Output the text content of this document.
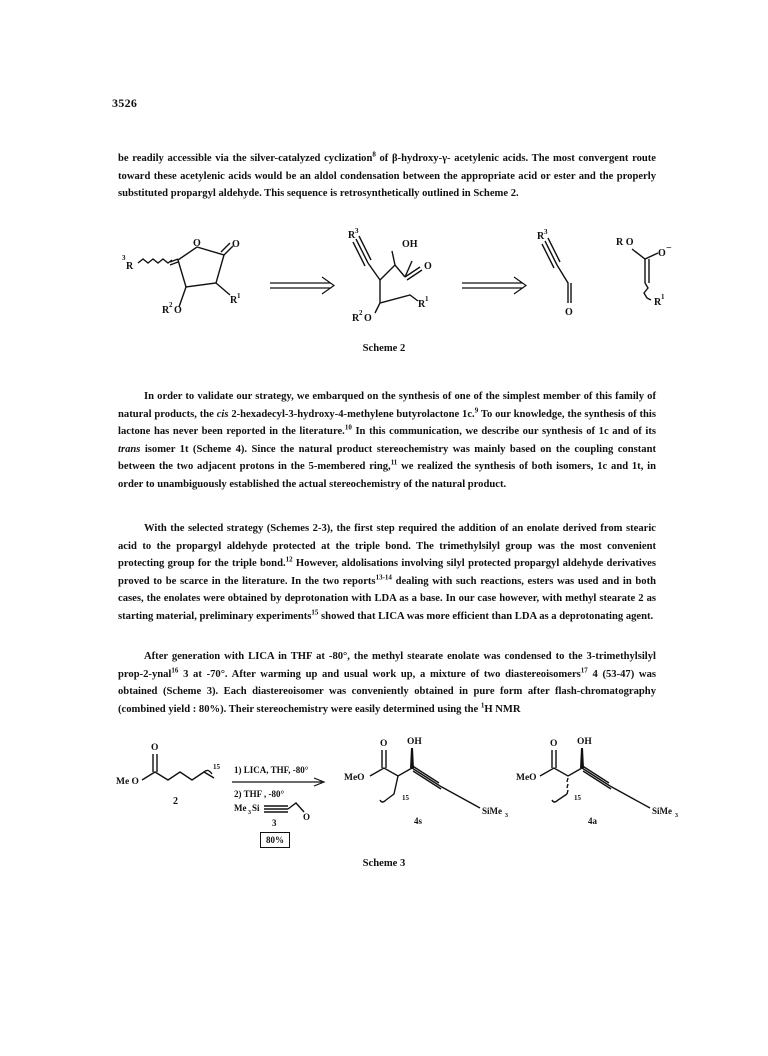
3526

be readily accessible via the silver-catalyzed cyclization$^8$ of β-hydroxy-γ- acetylenic acids. The most convergent route toward these acetylenic acids would be an aldol condensation between the appropriate acid or ester and the properly substituted propargyl aldehyde. This sequence is retrosynthetically outlined in Scheme 2.

R
3
O	O
R 1
R 2 O
R 3
OH
O
R 1
R 2 O
R 3
O
R O
O −
R 1
Scheme 2

In order to validate our strategy, we embarqued on the synthesis of one of the simplest member of this family of natural products, the cis 2-hexadecyl-3-hydroxy-4-methylene butyrolactone 1c.$^9$ To our knowledge, the synthesis of this lactone has never been reported in the literature.$^{10}$ In this communication, we describe our synthesis of 1c and of its trans isomer 1t (Scheme 4). Since the natural product stereochemistry was mainly based on the coupling constant between the two adjacent protons in the 5-membered ring,$^{11}$ we realized the synthesis of both isomers, 1c and 1t, in order to unambiguously established the actual stereochemistry of the natural product.

With the selected strategy (Schemes 2-3), the first step required the addition of an enolate derived from stearic acid to the propargyl aldehyde protected at the triple bond. The trimethylsilyl group was the most convenient protecting group for the triple bond.$^{12}$ However, aldolisations involving silyl protected propargyl aldehyde derivatives proved to be scarce in the literature. In the two reports$^{13-14}$ dealing with such reactions, esters was used and in both cases, the enolates were obtained by deprotonation with LDA as a base. In our case however, with methyl stearate 2 as starting material, preliminary experiments$^{15}$ showed that LICA was more efficient than LDA as a deprotonating agent.

After generation with LICA in THF at -80°, the methyl stearate enolate was condensed to the 3-trimethylsilyl prop-2-ynal$^{16}$ 3 at -70°. After warming up and usual work up, a mixture of two diastereoisomers$^{17}$ 4 (53-47) was obtained (Scheme 3). Each diastereoisomer was conveniently obtained in pure form after flash-chromatography (combined yield : 80%). Their stereochemistry were easily determined using the $^1$H NMR

Me O
O
15
2
1) LICA, THF, -80°
2) THF , -80°
Me 3 Si
O
3
MeO
O OH
15
SiMe 3
4s
MeO
O OH
15
SiMe 3
4a
80%
Scheme 3
